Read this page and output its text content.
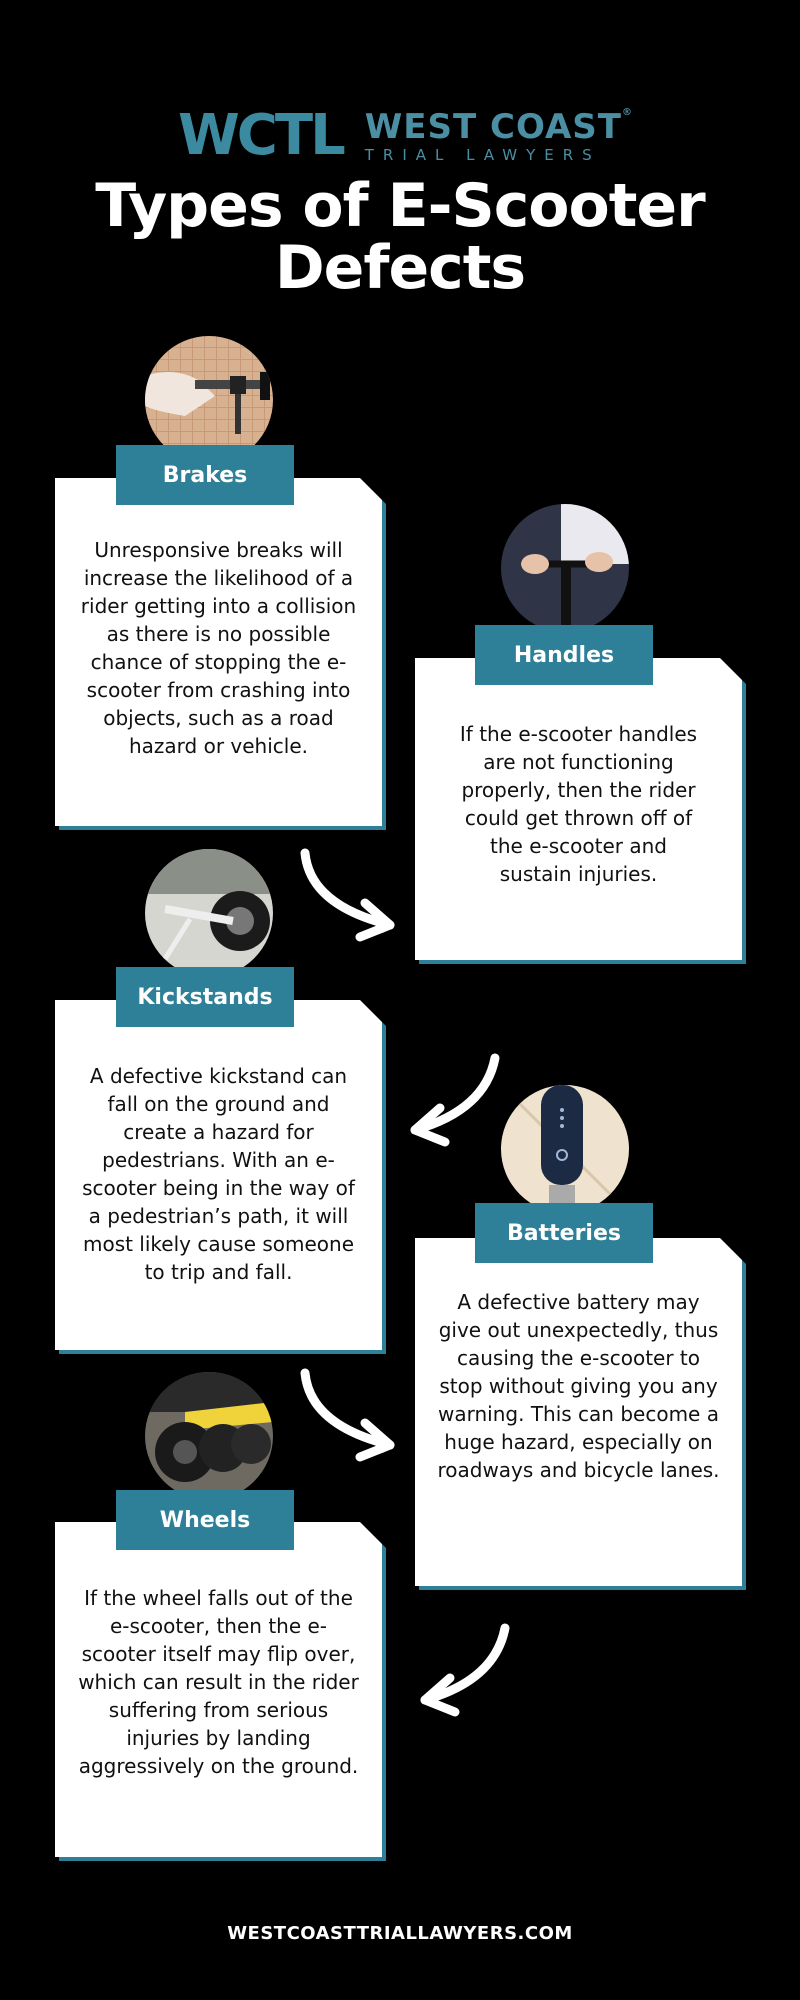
WCTL WEST COAST®
TRIAL LAWYERS
Types of E-Scooter
Defects
Unresponsive breaks will increase the likelihood of a rider getting into a collision as there is no possible chance of stopping the e-scooter from crashing into objects, such as a road hazard or vehicle.
Brakes
If the e-scooter handles are not functioning properly, then the rider could get thrown off of the e-scooter and sustain injuries.
Handles
A defective kickstand can fall on the ground and create a hazard for pedestrians. With an e-scooter being in the way of a pedestrian’s path, it will most likely cause someone to trip and fall.
Kickstands
A defective battery may give out unexpectedly, thus causing the e-scooter to stop without giving you any warning. This can become a huge hazard, especially on roadways and bicycle lanes.
Batteries
If the wheel falls out of the e-scooter, then the e-scooter itself may flip over, which can result in the rider suffering from serious injuries by landing aggressively on the ground.
Wheels
WESTCOASTTRIALLAWYERS.COM
